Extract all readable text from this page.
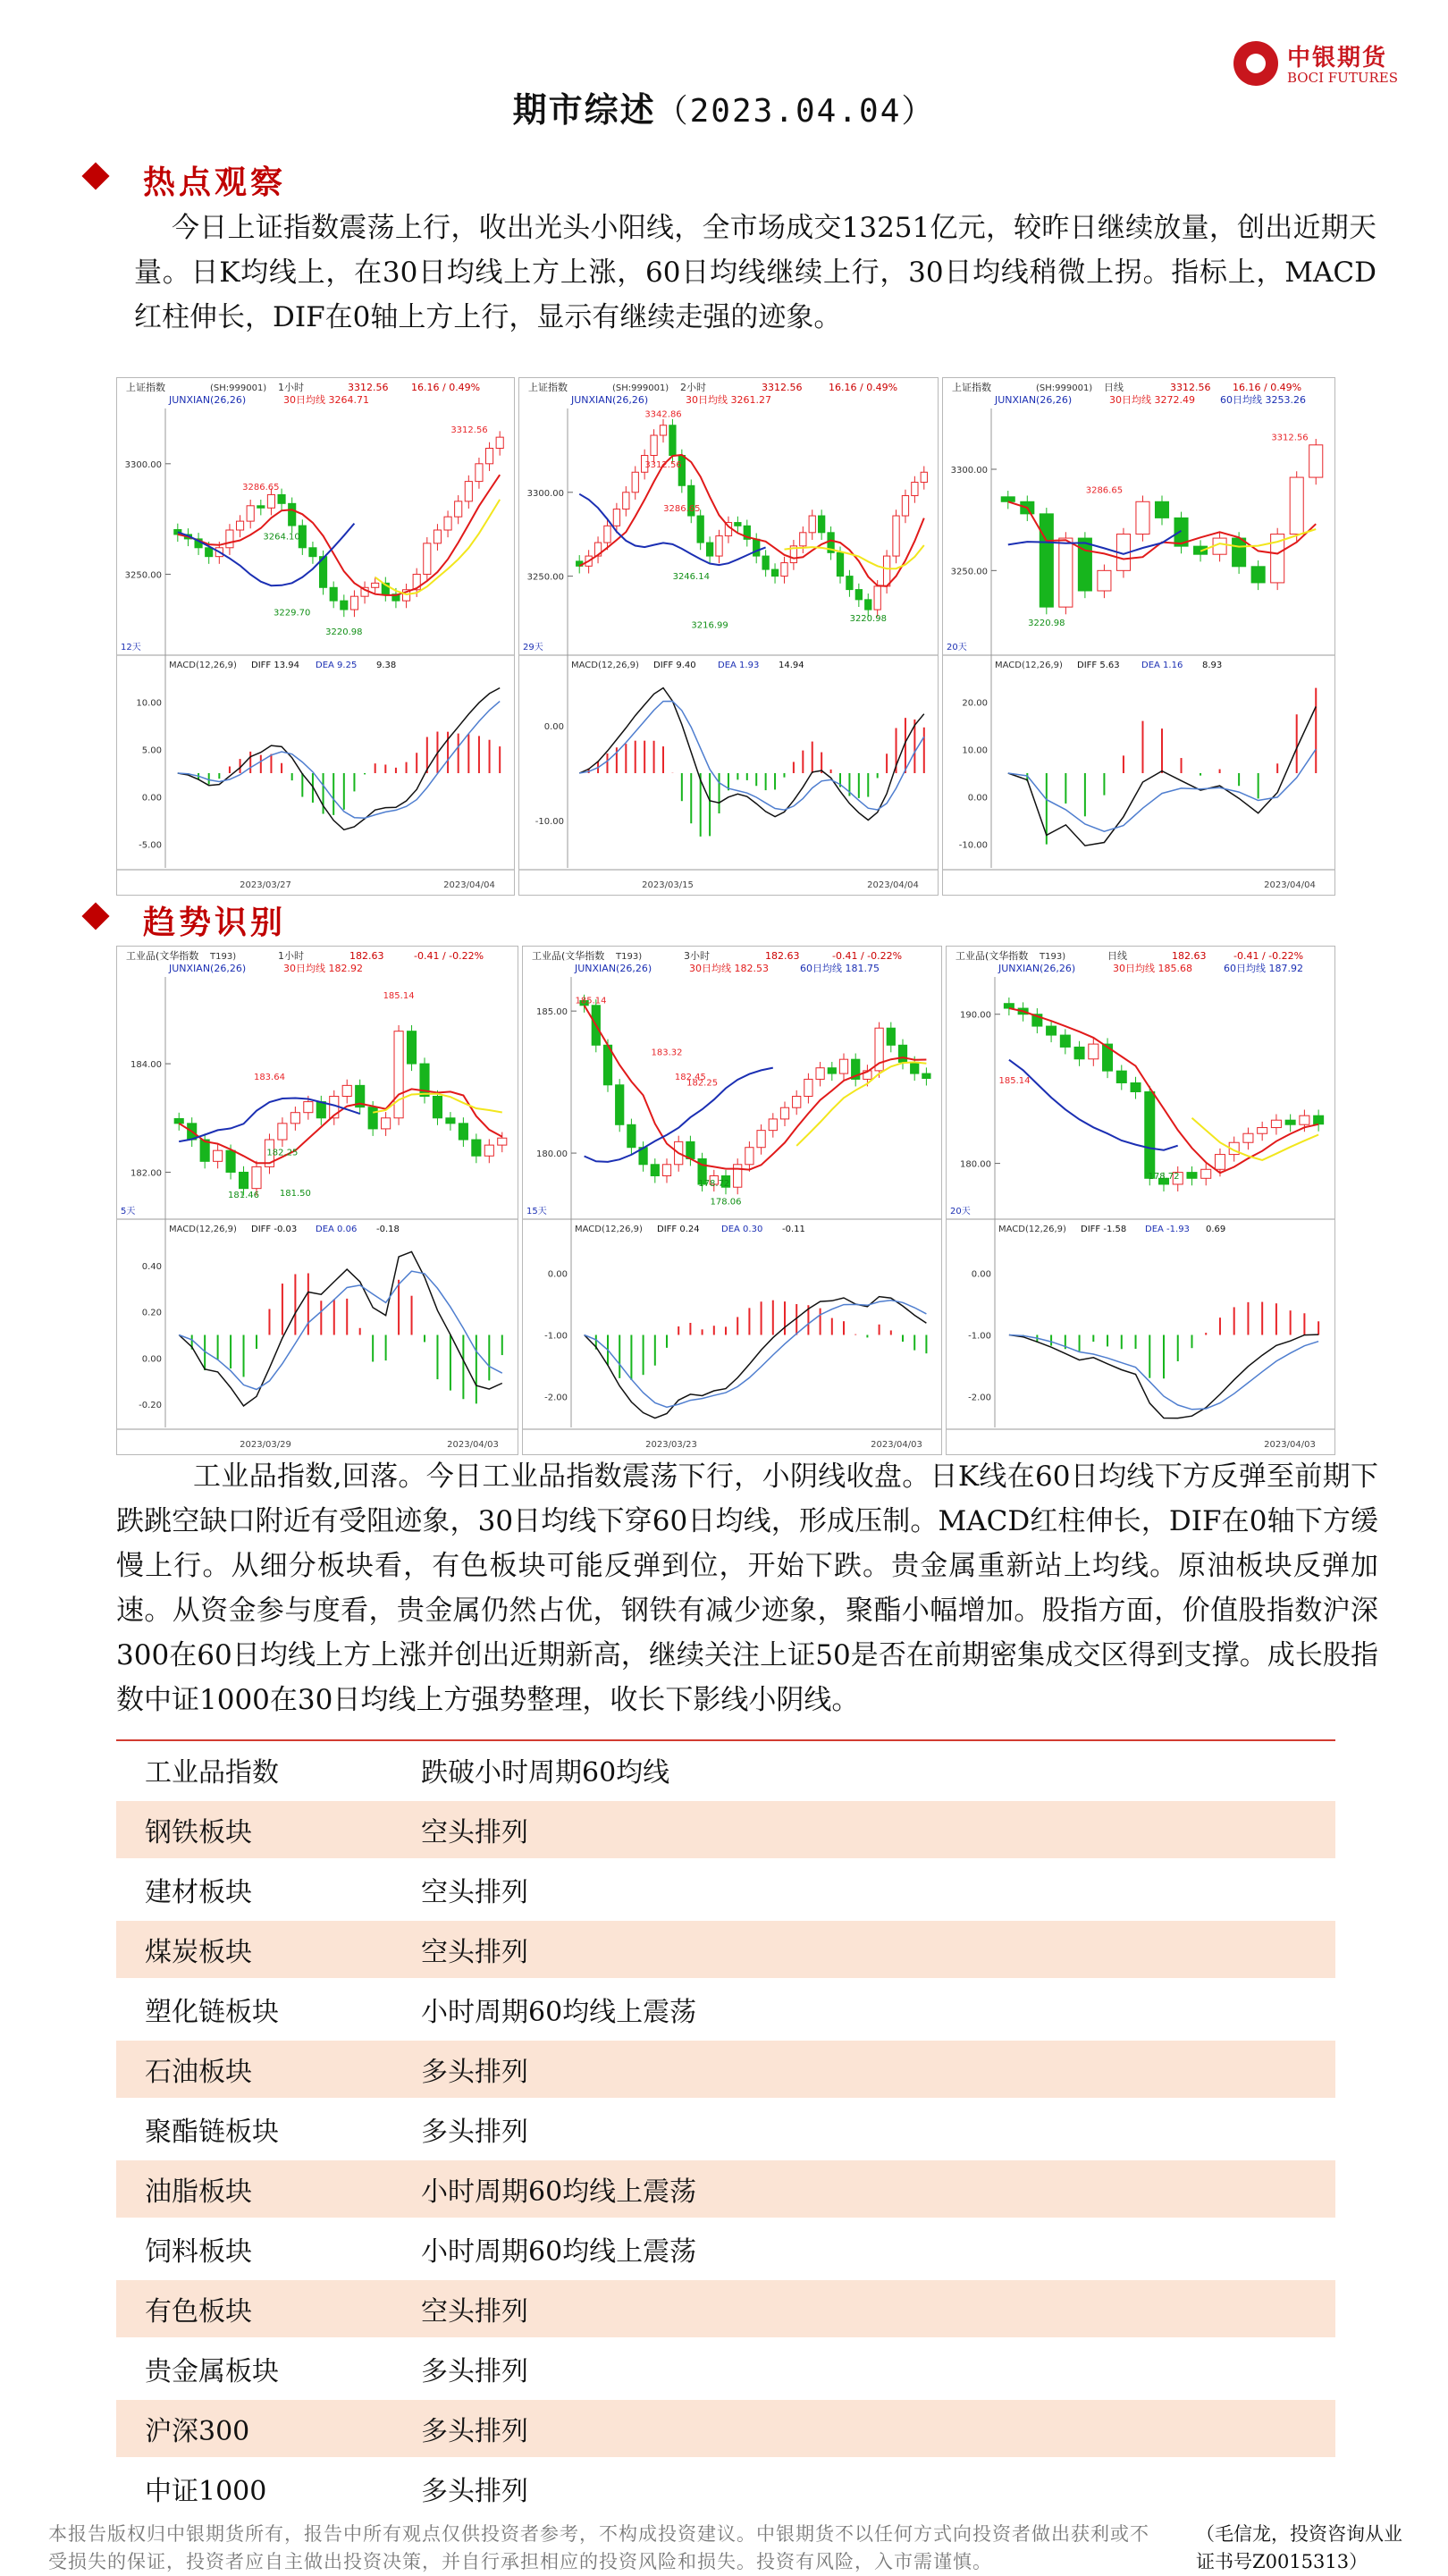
中银期货
BOCI FUTURES
期市综述（2023.04.04）
热点观察
今日上证指数震荡上行，收出光头小阳线，全市场成交13251亿元，较昨日继续放量，创出近期天量。日K均线上，在30日均线上方上涨，60日均线继续上行，30日均线稍微上拐。指标上，MACD红柱伸长，DIF在0轴上方上行，显示有继续走强的迹象。
上证指数	(SH:999001) 1小时	3312.56 16.16 / 0.49%
JUNXIAN(26,26)	30日均线 3264.71
3300.00
3250.00
3312.56
3286.65
3264.10
3229.70
3220.98
12天
MACD(12,26,9) DIFF 13.94 DEA 9.25 9.38
10.00
5.00
0.00
-5.00
2023/03/27	2023/04/04
上证指数	(SH:999001) 2小时	3312.56	16.16 / 0.49%
JUNXIAN(26,26)	30日均线 3261.27
3300.00
3250.00
3342.86
3312.56
3286.65
3246.14
3216.99
3220.98
29天
MACD(12,26,9) DIFF 9.40 DEA 1.93 14.94
0.00
-10.00
2023/03/15	2023/04/04
上证指数	(SH:999001) 日线	3312.56 16.16 / 0.49%
JUNXIAN(26,26)	30日均线 3272.49	60日均线 3253.26
3300.00
3250.00
3312.56
3286.65
3220.98
20天
MACD(12,26,9) DIFF 5.63 DEA 1.16 8.93
20.00
10.00
0.00
-10.00
2023/04/04
趋势识别
工业品(文华指数 T193)	1小时	182.63	-0.41 / -0.22%
JUNXIAN(26,26)	30日均线 182.92
184.00
182.00
185.14
183.64
182.25
181.50
181.46
5天
MACD(12,26,9) DIFF -0.03 DEA 0.06 -0.18
0.40
0.20
0.00
-0.20
2023/03/29	2023/04/03
工业品(文华指数 T193)	3小时	182.63	-0.41 / -0.22%
JUNXIAN(26,26)	30日均线 182.53	60日均线 181.75
185.00
180.00
185.14
183.32
182.45
182.25
178.72
178.06
15天
MACD(12,26,9) DIFF 0.24 DEA 0.30 -0.11
0.00
-1.00
-2.00
2023/03/23	2023/04/03
工业品(文华指数 T193)	日线	182.63	-0.41 / -0.22%
JUNXIAN(26,26)	30日均线 185.68	60日均线 187.92
190.00
180.00
185.14
178.72
20天
MACD(12,26,9) DIFF -1.58 DEA -1.93 0.69
0.00
-1.00
-2.00
2023/04/03
工业品指数,回落。今日工业品指数震荡下行，小阴线收盘。日K线在60日均线下方反弹至前期下跌跳空缺口附近有受阻迹象，30日均线下穿60日均线，形成压制。MACD红柱伸长，DIF在0轴下方缓慢上行。从细分板块看，有色板块可能反弹到位，开始下跌。贵金属重新站上均线。原油板块反弹加速。从资金参与度看，贵金属仍然占优，钢铁有减少迹象，聚酯小幅增加。股指方面，价值股指数沪深300在60日均线上方上涨并创出近期新高，继续关注上证50是否在前期密集成交区得到支撑。成长股指数中证1000在30日均线上方强势整理，收长下影线小阴线。
工业品指数	跌破小时周期60均线
钢铁板块	空头排列
建材板块	空头排列
煤炭板块	空头排列
塑化链板块	小时周期60均线上震荡
石油板块	多头排列
聚酯链板块	多头排列
油脂板块	小时周期60均线上震荡
饲料板块	小时周期60均线上震荡
有色板块	空头排列
贵金属板块	多头排列
沪深300	多头排列
中证1000	多头排列
本报告版权归中银期货所有，报告中所有观点仅供投资者参考，不构成投资建议。中银期货不以任何方式向投资者做出获利或不受损失的保证，投资者应自主做出投资决策，并自行承担相应的投资风险和损失。投资有风险，入市需谨慎。
（毛信龙，投资咨询从业证书号Z0015313）
